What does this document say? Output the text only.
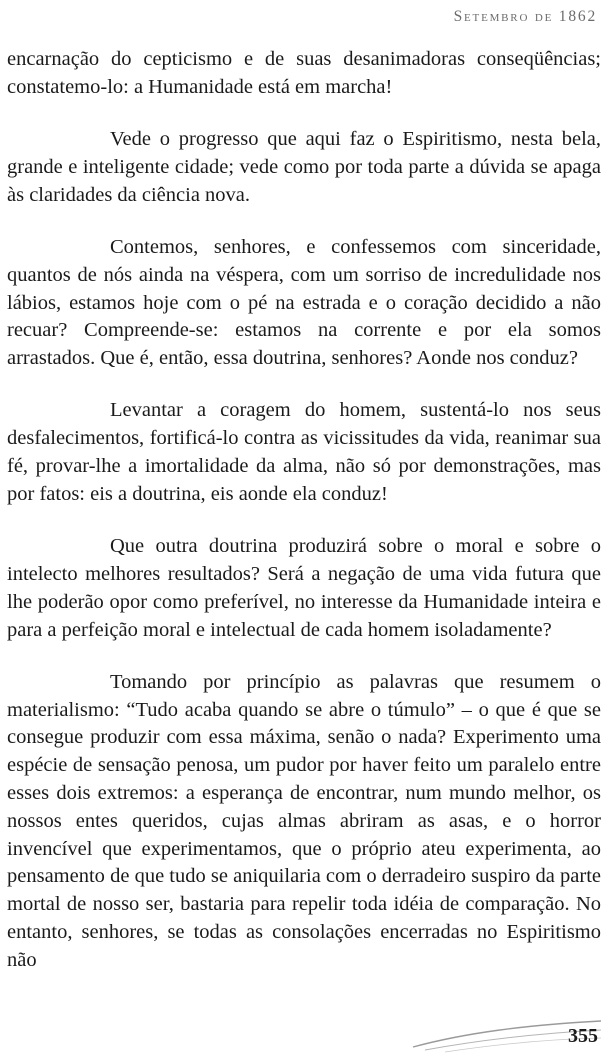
Setembro de 1862

encarnação do cepticismo e de suas desanimadoras conseqüências; constatemo-lo: a Humanidade está em marcha!

Vede o progresso que aqui faz o Espiritismo, nesta bela, grande e inteligente cidade; vede como por toda parte a dúvida se apaga às claridades da ciência nova.

Contemos, senhores, e confessemos com sinceridade, quantos de nós ainda na véspera, com um sorriso de incredulidade nos lábios, estamos hoje com o pé na estrada e o coração decidido a não recuar? Compreende-se: estamos na corrente e por ela somos arrastados. Que é, então, essa doutrina, senhores? Aonde nos conduz?

Levantar a coragem do homem, sustentá-lo nos seus desfalecimentos, fortificá-lo contra as vicissitudes da vida, reanimar sua fé, provar-lhe a imortalidade da alma, não só por demonstrações, mas por fatos: eis a doutrina, eis aonde ela conduz!

Que outra doutrina produzirá sobre o moral e sobre o intelecto melhores resultados? Será a negação de uma vida futura que lhe poderão opor como preferível, no interesse da Humanidade inteira e para a perfeição moral e intelectual de cada homem isoladamente?

Tomando por princípio as palavras que resumem o materialismo: “Tudo acaba quando se abre o túmulo” – o que é que se consegue produzir com essa máxima, senão o nada? Experimento uma espécie de sensação penosa, um pudor por haver feito um paralelo entre esses dois extremos: a esperança de encontrar, num mundo melhor, os nossos entes queridos, cujas almas abriram as asas, e o horror invencível que experimentamos, que o próprio ateu experimenta, ao pensamento de que tudo se aniquilaria com o derradeiro suspiro da parte mortal de nosso ser, bastaria para repelir toda idéia de comparação. No entanto, senhores, se todas as consolações encerradas no Espiritismo não

355
